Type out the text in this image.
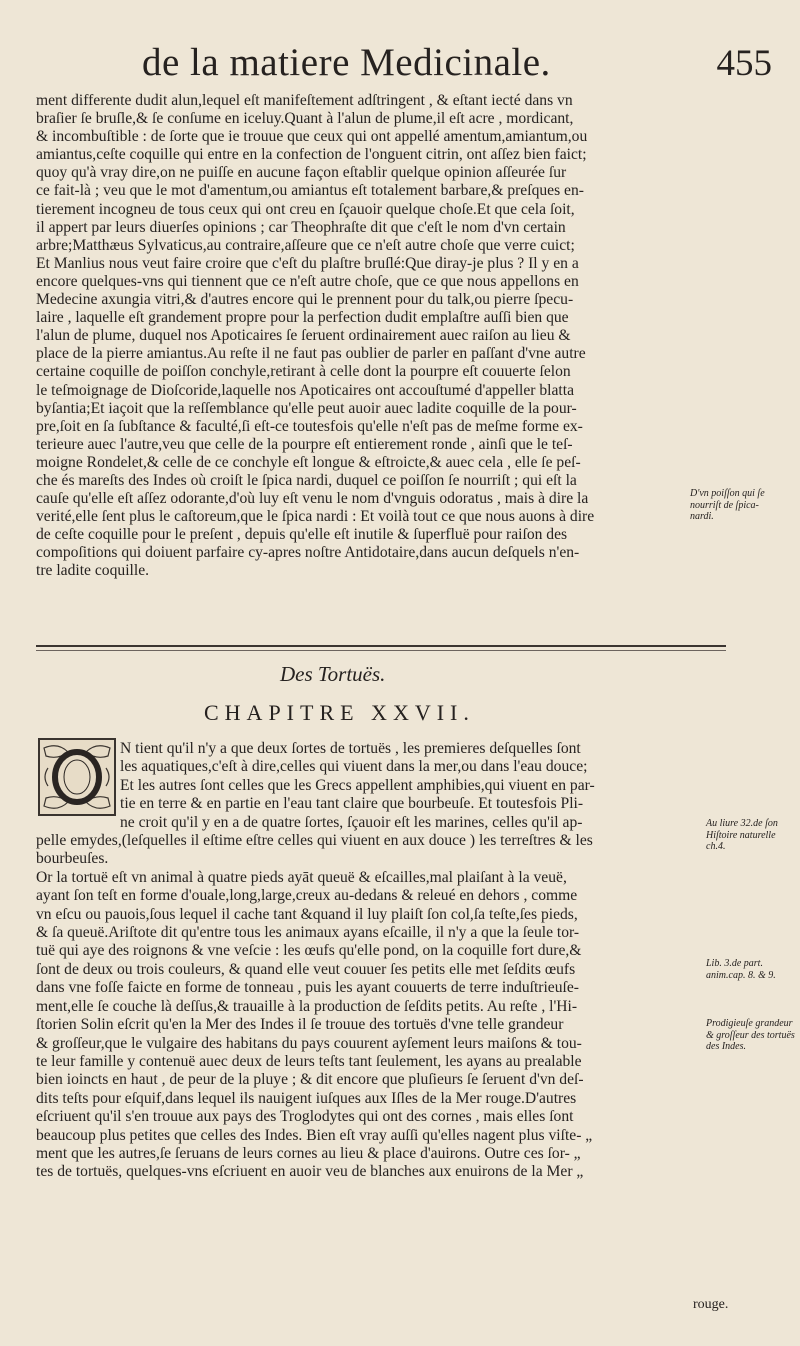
de la matiere Medicinale.	455
ment differente dudit alun,lequel eſt manifeſtement adſtringent , & eſtant iecté dans vn
braſier ſe bruſle,& ſe conſume en iceluy.Quant à l'alun de plume,il eſt acre , mordicant,
& incombuſtible : de ſorte que ie trouue que ceux qui ont appellé amentum,amiantum,ou
amiantus,ceſte coquille qui entre en la confection de l'onguent citrin, ont aſſez bien faict;
quoy qu'à vray dire,on ne puiſſe en aucune façon eſtablir quelque opinion aſſeurée ſur
ce fait-là ; veu que le mot d'amentum,ou amiantus eſt totalement barbare,& preſques en-
tierement incogneu de tous ceux qui ont creu en ſçauoir quelque choſe.Et que cela ſoit,
il appert par leurs diuerſes opinions ; car Theophraſte dit que c'eſt le nom d'vn certain
arbre;Matthæus Sylvaticus,au contraire,aſſeure que ce n'eſt autre choſe que verre cuict;
Et Manlius nous veut faire croire que c'eſt du plaſtre bruſlé:Que diray-je plus ? Il y en a
encore quelques-vns qui tiennent que ce n'eſt autre choſe, que ce que nous appellons en
Medecine axungia vitri,& d'autres encore qui le prennent pour du talk,ou pierre ſpecu-
laire , laquelle eſt grandement propre pour la perfection dudit emplaſtre auſſi bien que
l'alun de plume, duquel nos Apoticaires ſe ſeruent ordinairement auec raiſon au lieu &
place de la pierre amiantus.Au reſte il ne faut pas oublier de parler en paſſant d'vne autre
certaine coquille de poiſſon conchyle,retirant à celle dont la pourpre eſt couuerte ſelon
le teſmoignage de Dioſcoride,laquelle nos Apoticaires ont accouſtumé d'appeller blatta
byſantia;Et iaçoit que la reſſemblance qu'elle peut auoir auec ladite coquille de la pour-
pre,ſoit en ſa ſubſtance & faculté,ſi eſt-ce toutesfois qu'elle n'eſt pas de meſme forme ex-
terieure auec l'autre,veu que celle de la pourpre eſt entierement ronde , ainſi que le teſ-
moigne Rondelet,& celle de ce conchyle eſt longue & eſtroicte,& auec cela , elle ſe peſ-
che és mareſts des Indes où croiſt le ſpica nardi, duquel ce poiſſon ſe nourriſt ; qui eſt la
cauſe qu'elle eſt aſſez odorante,d'où luy eſt venu le nom d'vnguis odoratus , mais à dire la
verité,elle ſent plus le caſtoreum,que le ſpica nardi : Et voilà tout ce que nous auons à dire
de ceſte coquille pour le preſent , depuis qu'elle eſt inutile & ſuperfluë pour raiſon des
compoſitions qui doiuent parfaire cy-apres noſtre Antidotaire,dans aucun deſquels n'en-
tre ladite coquille.
D'vn poiſſon qui ſe nourriſt de ſpica-nardi.
Des Tortuës.
CHAPITRE XXVII.
N tient qu'il n'y a que deux ſortes de tortuës , les premieres deſquelles ſont
les aquatiques,c'eſt à dire,celles qui viuent dans la mer,ou dans l'eau douce;
Et les autres ſont celles que les Grecs appellent amphibies,qui viuent en par-
tie en terre & en partie en l'eau tant claire que bourbeuſe. Et toutesfois Pli-
ne croit qu'il y en a de quatre ſortes, ſçauoir eſt les marines, celles qu'il ap-
pelle emydes,(leſquelles il eſtime eſtre celles qui viuent en aux douce ) les terreſtres & les
bourbeuſes.
Or la tortuë eſt vn animal à quatre pieds ayāt queuë & eſcailles,mal plaiſant à la veuë,
ayant ſon teſt en forme d'ouale,long,large,creux au-dedans & releué en dehors , comme
vn eſcu ou pauois,ſous lequel il cache tant &quand il luy plaiſt ſon col,ſa teſte,ſes pieds,
& ſa queuë.Ariſtote dit qu'entre tous les animaux ayans eſcaille, il n'y a que la ſeule tor-
tuë qui aye des roignons & vne veſcie : les œufs qu'elle pond, on la coquille fort dure,&
ſont de deux ou trois couleurs, & quand elle veut couuer ſes petits elle met ſeſdits œufs
dans vne foſſe faicte en forme de tonneau , puis les ayant couuerts de terre induſtrieuſe-
ment,elle ſe couche là deſſus,& trauaille à la production de ſeſdits petits. Au reſte , l'Hi-
ſtorien Solin eſcrit qu'en la Mer des Indes il ſe trouue des tortuës d'vne telle grandeur
& groſſeur,que le vulgaire des habitans du pays couurent ayſement leurs maiſons & tou-
te leur famille y contenuë auec deux de leurs teſts tant ſeulement, les ayans au prealable
bien ioincts en haut , de peur de la pluye ; & dit encore que pluſieurs ſe ſeruent d'vn deſ-
dits teſts pour eſquif,dans lequel ils nauigent iuſques aux Iſles de la Mer rouge.D'autres
eſcriuent qu'il s'en trouue aux pays des Troglodytes qui ont des cornes , mais elles ſont
beaucoup plus petites que celles des Indes. Bien eſt vray auſſi qu'elles nagent plus viſte- „
ment que les autres,ſe ſeruans de leurs cornes au lieu & place d'auirons. Outre ces ſor- „
tes de tortuës, quelques-vns eſcriuent en auoir veu de blanches aux enuirons de la Mer „
Au liure 32.de ſon Hiſtoire naturelle ch.4.
Lib. 3.de part. anim.cap. 8. & 9.
Prodigieuſe grandeur & groſſeur des tortuës des Indes.
rouge.
